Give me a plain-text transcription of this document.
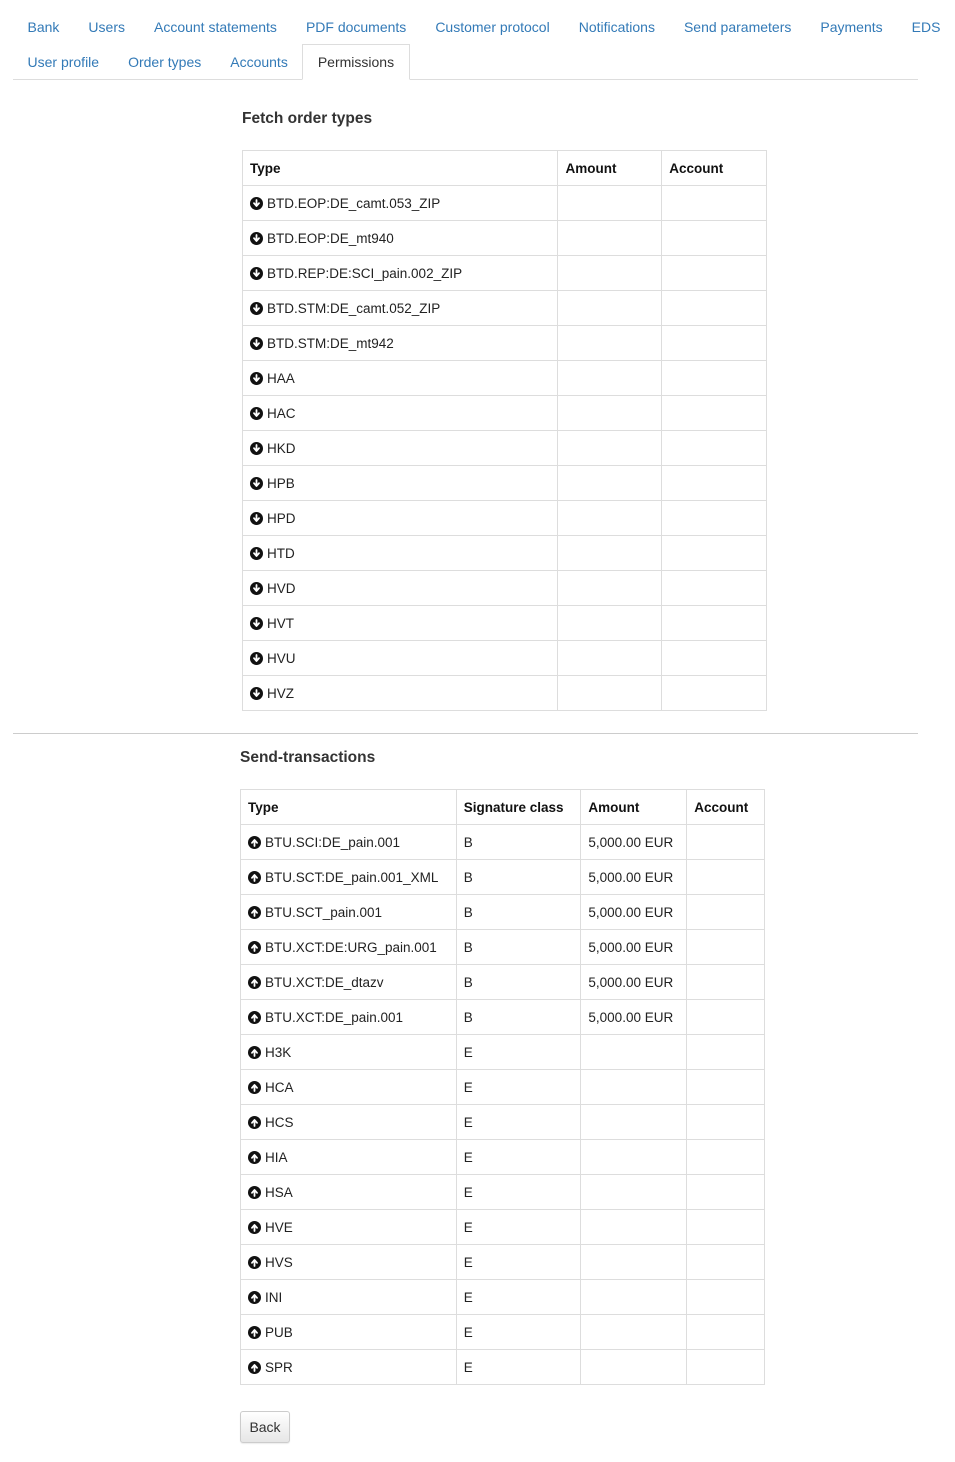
Bank	Users	Account statements	PDF documents	Customer protocol	Notifications	Send parameters	Payments	EDS
User profile	Order types	Accounts	Permissions
Fetch order types
Type	Amount	Account

BTD.EOP:DE_camt.053_ZIP		

BTD.EOP:DE_mt940		

BTD.REP:DE:SCI_pain.002_ZIP		

BTD.STM:DE_camt.052_ZIP		

BTD.STM:DE_mt942		

HAA		

HAC		

HKD		

HPB		

HPD		

HTD		

HVD		

HVT		

HVU		

HVZ		
Send-transactions
Type	Signature class	Amount	Account

BTU.SCI:DE_pain.001	B	5,000.00 EUR	

BTU.SCT:DE_pain.001_XML	B	5,000.00 EUR	

BTU.SCT_pain.001	B	5,000.00 EUR	

BTU.XCT:DE:URG_pain.001	B	5,000.00 EUR	

BTU.XCT:DE_dtazv	B	5,000.00 EUR	

BTU.XCT:DE_pain.001	B	5,000.00 EUR	

H3K	E		

HCA	E		

HCS	E		

HIA	E		

HSA	E		

HVE	E		

HVS	E		

INI	E		

PUB	E		

SPR	E		
Back
